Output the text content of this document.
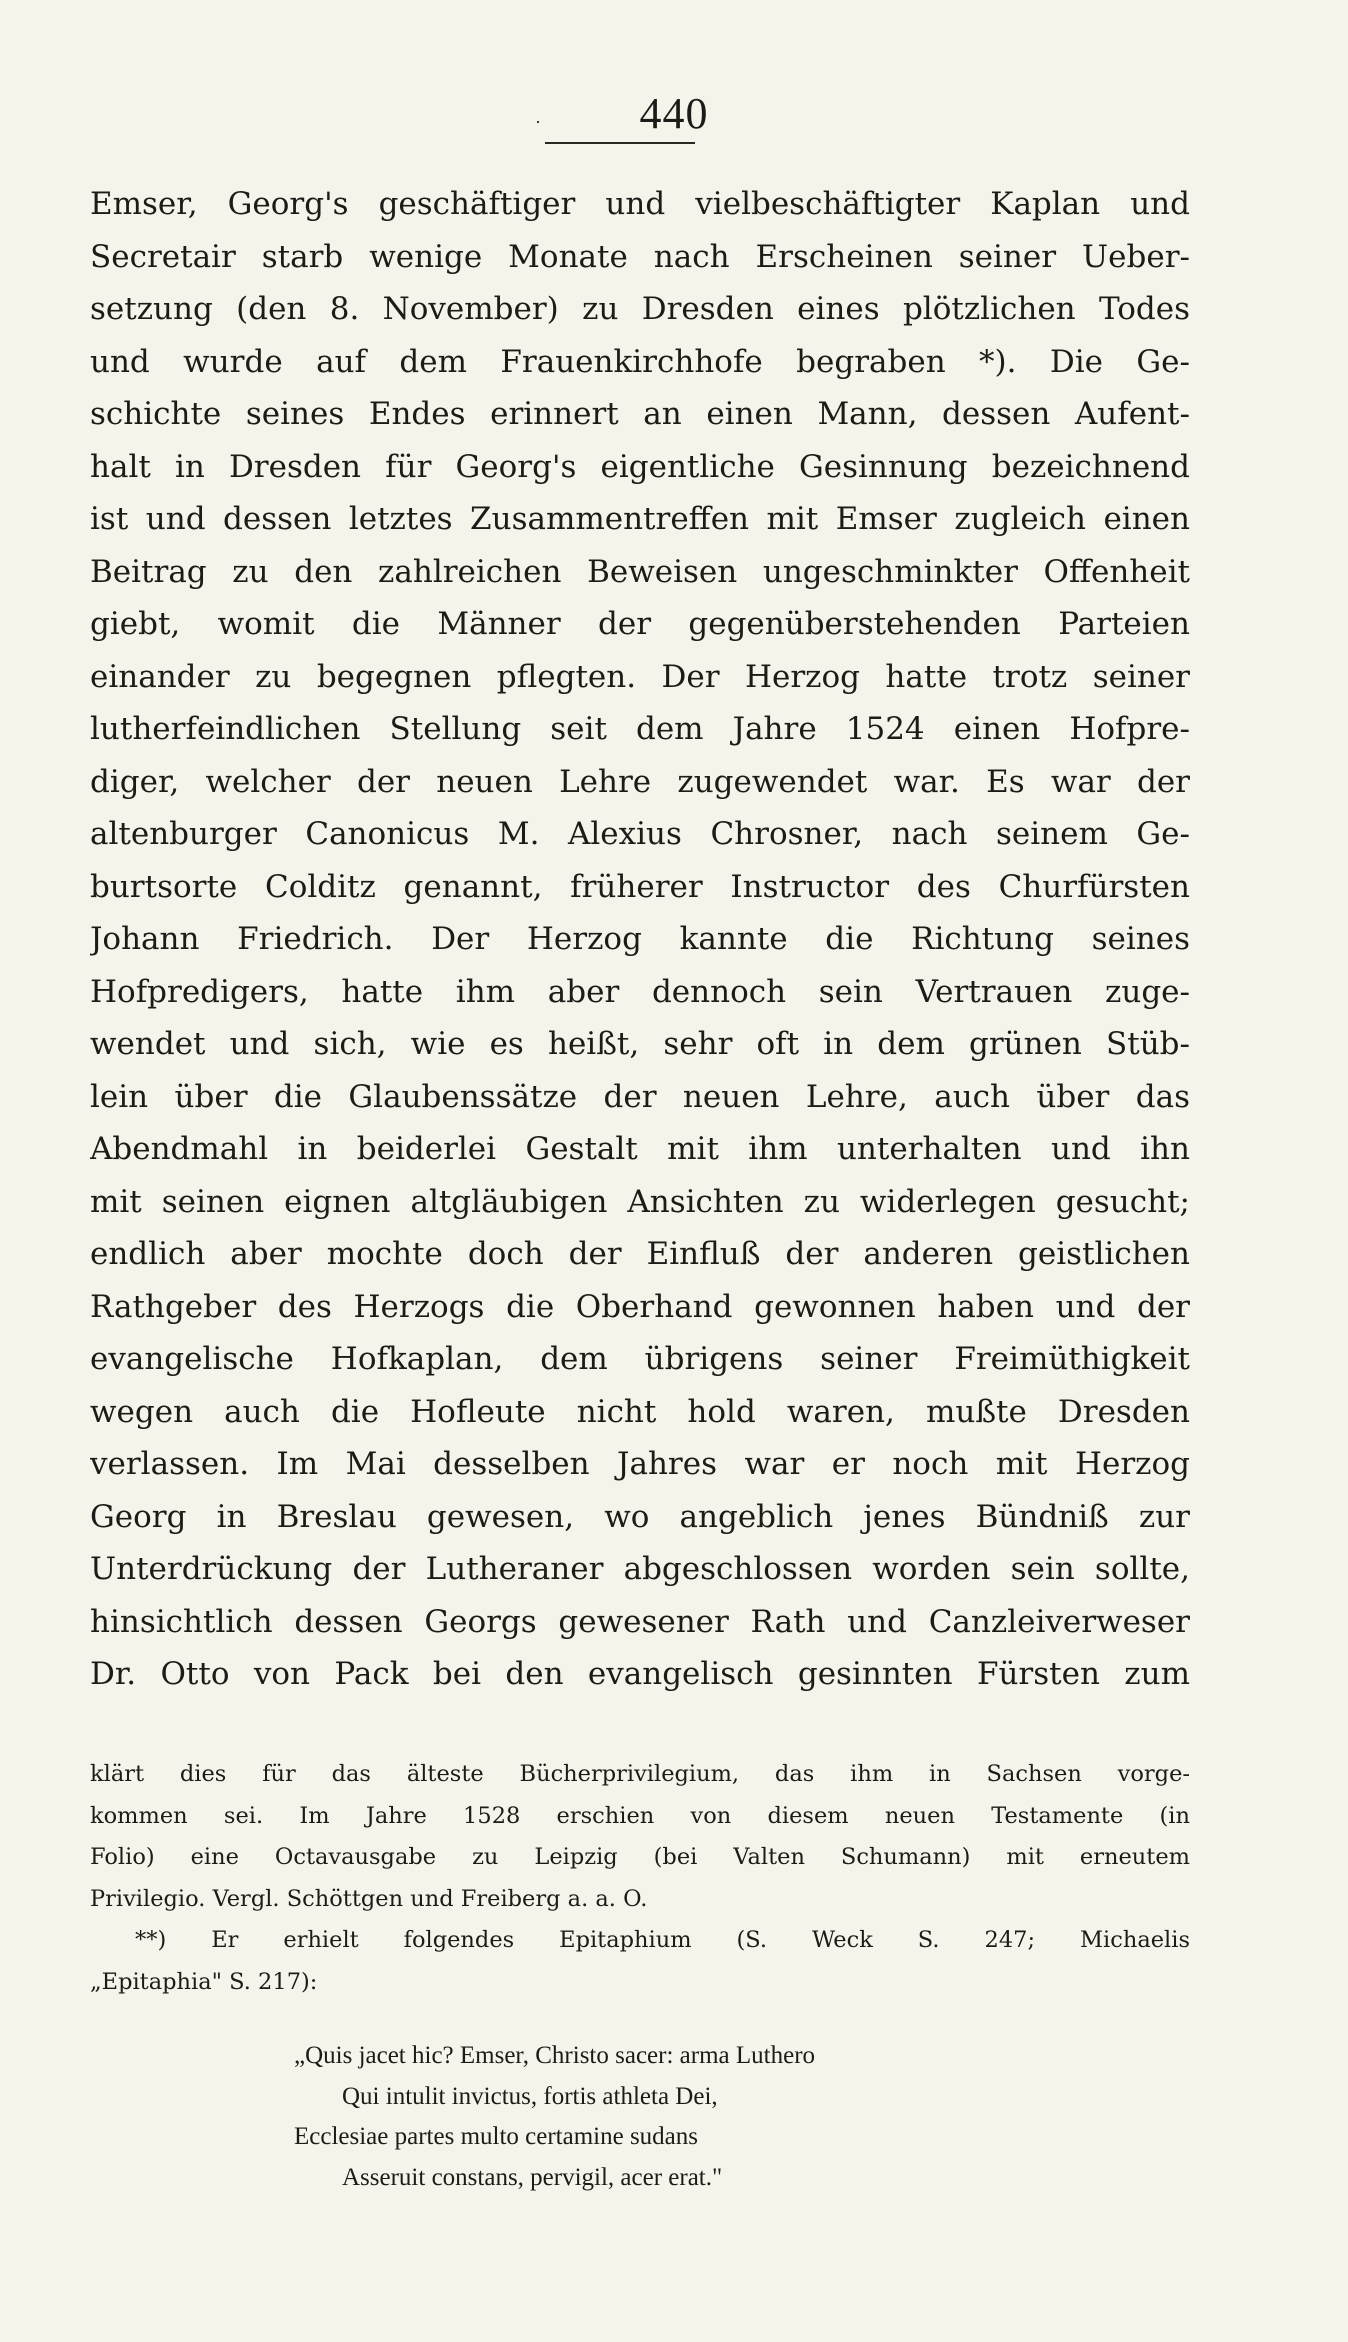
·	440
Emser, Georg's geschäftiger und vielbeschäftigter Kaplan und
Secretair starb wenige Monate nach Erscheinen seiner Ueber-
setzung (den 8. November) zu Dresden eines plötzlichen Todes
und wurde auf dem Frauenkirchhofe begraben *). Die Ge-
schichte seines Endes erinnert an einen Mann, dessen Aufent-
halt in Dresden für Georg's eigentliche Gesinnung bezeichnend
ist und dessen letztes Zusammentreffen mit Emser zugleich einen
Beitrag zu den zahlreichen Beweisen ungeschminkter Offenheit
giebt, womit die Männer der gegenüberstehenden Parteien
einander zu begegnen pflegten. Der Herzog hatte trotz seiner
lutherfeindlichen Stellung seit dem Jahre 1524 einen Hofpre-
diger, welcher der neuen Lehre zugewendet war. Es war der
altenburger Canonicus M. Alexius Chrosner, nach seinem Ge-
burtsorte Colditz genannt, früherer Instructor des Churfürsten
Johann Friedrich. Der Herzog kannte die Richtung seines
Hofpredigers, hatte ihm aber dennoch sein Vertrauen zuge-
wendet und sich, wie es heißt, sehr oft in dem grünen Stüb-
lein über die Glaubenssätze der neuen Lehre, auch über das
Abendmahl in beiderlei Gestalt mit ihm unterhalten und ihn
mit seinen eignen altgläubigen Ansichten zu widerlegen gesucht;
endlich aber mochte doch der Einfluß der anderen geistlichen
Rathgeber des Herzogs die Oberhand gewonnen haben und der
evangelische Hofkaplan, dem übrigens seiner Freimüthigkeit
wegen auch die Hofleute nicht hold waren, mußte Dresden
verlassen. Im Mai desselben Jahres war er noch mit Herzog
Georg in Breslau gewesen, wo angeblich jenes Bündniß zur
Unterdrückung der Lutheraner abgeschlossen worden sein sollte,
hinsichtlich dessen Georgs gewesener Rath und Canzleiverweser
Dr. Otto von Pack bei den evangelisch gesinnten Fürsten zum
klärt dies für das älteste Bücherprivilegium, das ihm in Sachsen vorge-
kommen sei. Im Jahre 1528 erschien von diesem neuen Testamente (in
Folio) eine Octavausgabe zu Leipzig (bei Valten Schumann) mit erneutem
Privilegio. Vergl. Schöttgen und Freiberg a. a. O.
**) Er erhielt folgendes Epitaphium (S. Weck S. 247; Michaelis
„Epitaphia" S. 217):
„Quis jacet hic? Emser, Christo sacer: arma Luthero
Qui intulit invictus, fortis athleta Dei,
Ecclesiae partes multo certamine sudans
Asseruit constans, pervigil, acer erat."
